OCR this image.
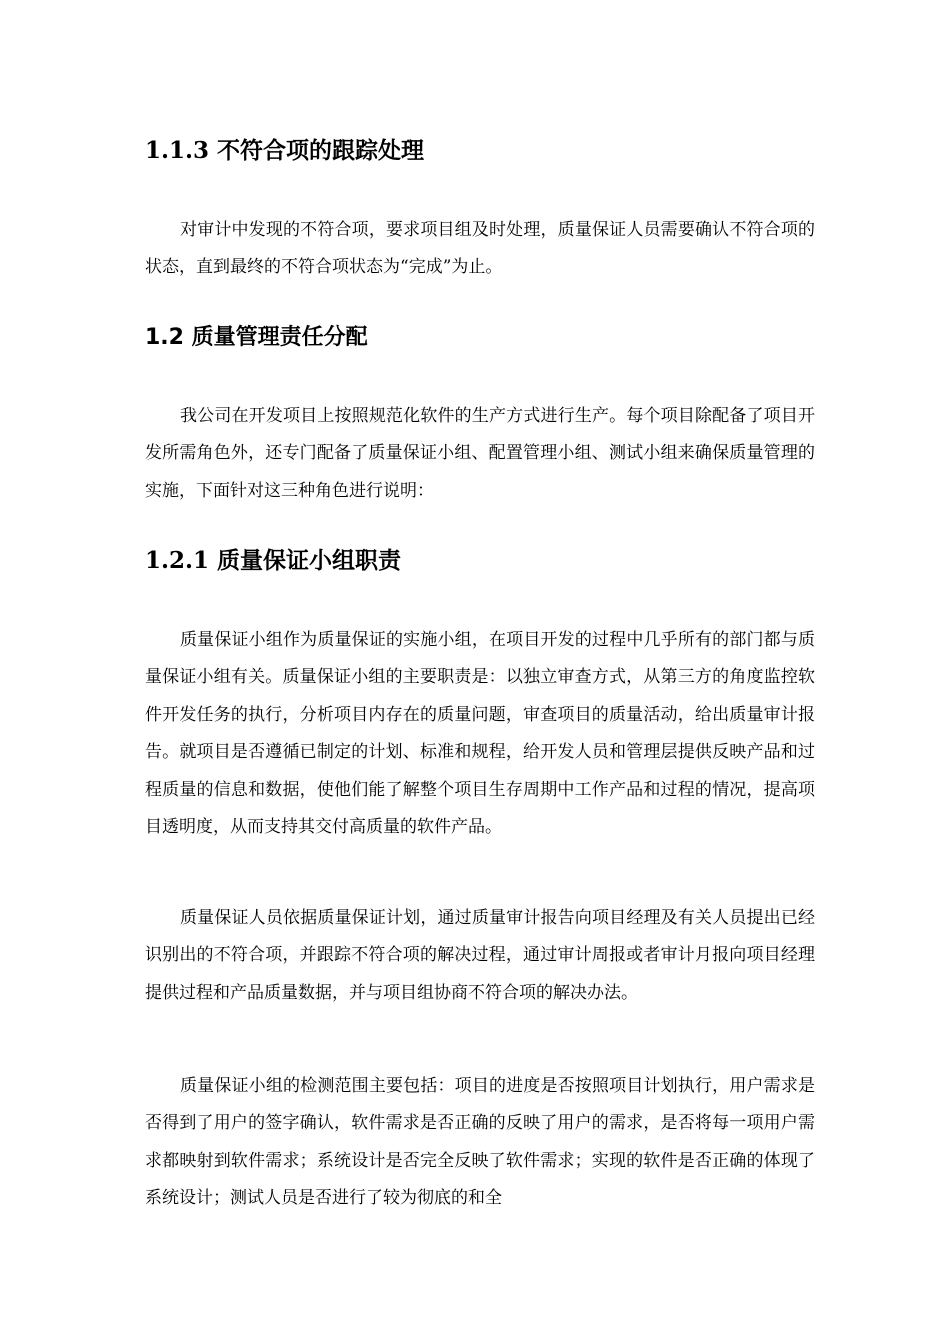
1.1.3 不符合项的跟踪处理

对审计中发现的不符合项，要求项目组及时处理，质量保证人员需要确认不符合项的状态，直到最终的不符合项状态为“完成”为止。

1.2 质量管理责任分配

我公司在开发项目上按照规范化软件的生产方式进行生产。每个项目除配备了项目开发所需角色外，还专门配备了质量保证小组、配置管理小组、测试小组来确保质量管理的实施，下面针对这三种角色进行说明：

1.2.1 质量保证小组职责

质量保证小组作为质量保证的实施小组，在项目开发的过程中几乎所有的部门都与质量保证小组有关。质量保证小组的主要职责是：以独立审查方式，从第三方的角度监控软件开发任务的执行，分析项目内存在的质量问题，审查项目的质量活动，给出质量审计报告。就项目是否遵循已制定的计划、标准和规程，给开发人员和管理层提供反映产品和过程质量的信息和数据，使他们能了解整个项目生存周期中工作产品和过程的情况，提高项目透明度，从而支持其交付高质量的软件产品。

质量保证人员依据质量保证计划，通过质量审计报告向项目经理及有关人员提出已经识别出的不符合项，并跟踪不符合项的解决过程，通过审计周报或者审计月报向项目经理提供过程和产品质量数据，并与项目组协商不符合项的解决办法。

质量保证小组的检测范围主要包括：项目的进度是否按照项目计划执行，用户需求是否得到了用户的签字确认，软件需求是否正确的反映了用户的需求，是否将每一项用户需求都映射到软件需求；系统设计是否完全反映了软件需求；实现的软件是否正确的体现了系统设计；测试人员是否进行了较为彻底的和全
